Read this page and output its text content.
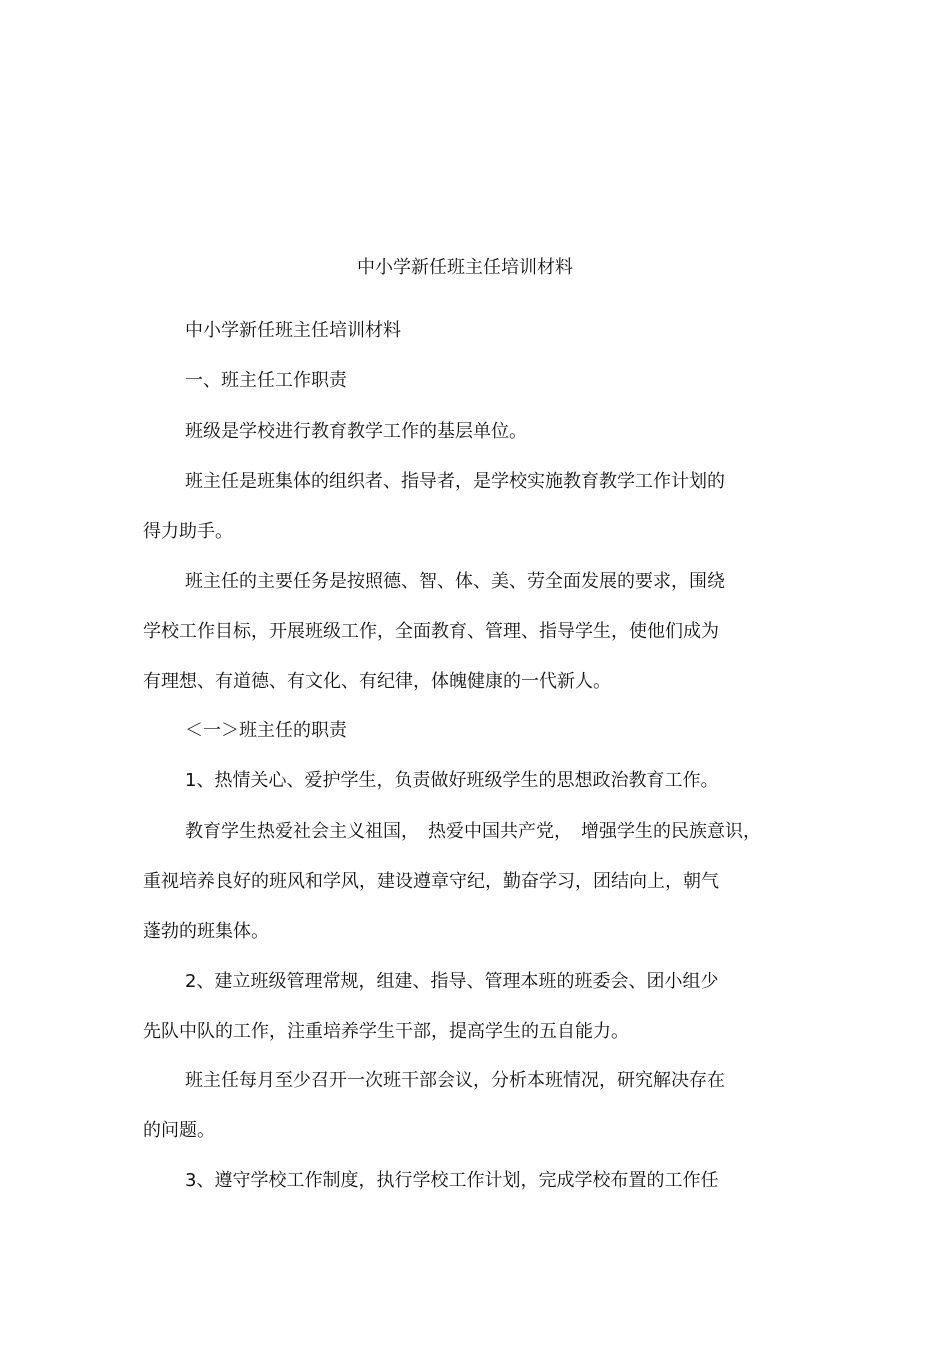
中小学新任班主任培训材料
中小学新任班主任培训材料
一、班主任工作职责
班级是学校进行教育教学工作的基层单位。
班主任是班集体的组织者、指导者，是学校实施教育教学工作计划的
得力助手。
班主任的主要任务是按照德、智、体、美、劳全面发展的要求，围绕
学校工作目标，开展班级工作，全面教育、管理、指导学生，使他们成为
有理想、有道德、有文化、有纪律，体魄健康的一代新人。
＜一＞班主任的职责
1、热情关心、爱护学生，负责做好班级学生的思想政治教育工作。
教育学生热爱社会主义祖国，　热爱中国共产党，　增强学生的民族意识，
重视培养良好的班风和学风，建设遵章守纪，勤奋学习，团结向上，朝气
蓬勃的班集体。
2、建立班级管理常规，组建、指导、管理本班的班委会、团小组少
先队中队的工作，注重培养学生干部，提高学生的五自能力。
班主任每月至少召开一次班干部会议，分析本班情况，研究解决存在
的问题。
3、遵守学校工作制度，执行学校工作计划，完成学校布置的工作任
